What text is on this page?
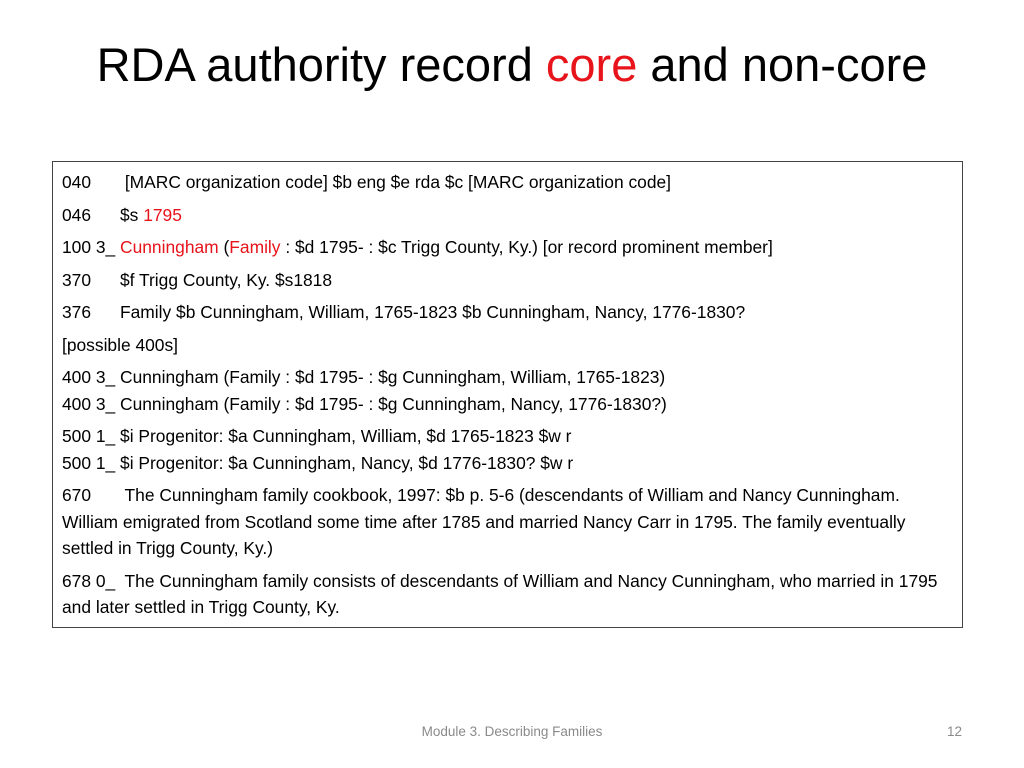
RDA authority record core and non-core
040       [MARC organization code] $b eng $e rda $c [MARC organization code]
046      $s 1795
100 3_ Cunningham (Family : $d 1795- : $c Trigg County, Ky.) [or record prominent member]
370      $f Trigg County, Ky. $s1818
376      Family $b Cunningham, William, 1765-1823 $b Cunningham, Nancy, 1776-1830?
[possible 400s]
400 3_ Cunningham (Family : $d 1795- : $g Cunningham, William, 1765-1823)
400 3_ Cunningham (Family : $d 1795- : $g Cunningham, Nancy, 1776-1830?)
500 1_ $i Progenitor: $a Cunningham, William, $d 1765-1823 $w r
500 1_ $i Progenitor: $a Cunningham, Nancy, $d 1776-1830? $w r
670       The Cunningham family cookbook, 1997: $b p. 5-6 (descendants of William and Nancy Cunningham. William emigrated from Scotland some time after 1785 and married Nancy Carr in 1795. The family eventually settled in Trigg County, Ky.)
678 0_  The Cunningham family consists of descendants of William and Nancy Cunningham, who married in 1795 and later settled in Trigg County, Ky.
Module 3. Describing Families	12
